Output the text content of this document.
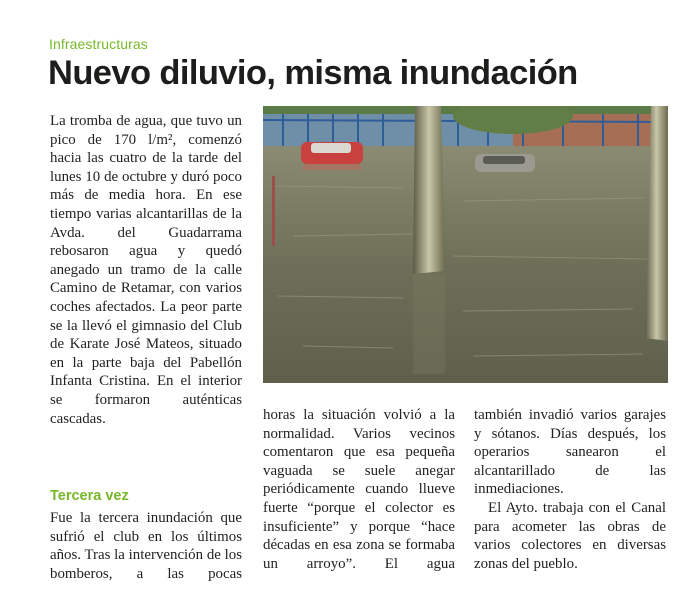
Infraestructuras
Nuevo diluvio, misma inundación

La tromba de agua, que tuvo un pico de 170 l/m², comenzó hacia las cuatro de la tarde del lunes 10 de octubre y duró poco más de media hora. En ese tiempo varias alcantarillas de la Avda. del Guadarrama rebosaron agua y quedó anegado un tramo de la calle Camino de Retamar, con varios coches afectados. La peor parte se la llevó el gimnasio del Club de Karate José Mateos, situado en la parte baja del Pabellón Infanta Cristina. En el interior se formaron auténticas cascadas.

Tercera vez

Fue la tercera inundación que sufrió el club en los últimos años. Tras la intervención de los bomberos, a las pocas

horas la situación volvió a la normalidad. Varios vecinos comentaron que esa pequeña vaguada se suele anegar periódicamente cuando llueve fuerte “porque el colector es insuficiente” y porque “hace décadas en esa zona se formaba un arroyo”. El agua

también invadió varios garajes y sótanos. Días después, los operarios sanearon el alcantarillado de las inmediaciones.

El Ayto. trabaja con el Canal para acometer las obras de varios colectores en diversas zonas del pueblo.
